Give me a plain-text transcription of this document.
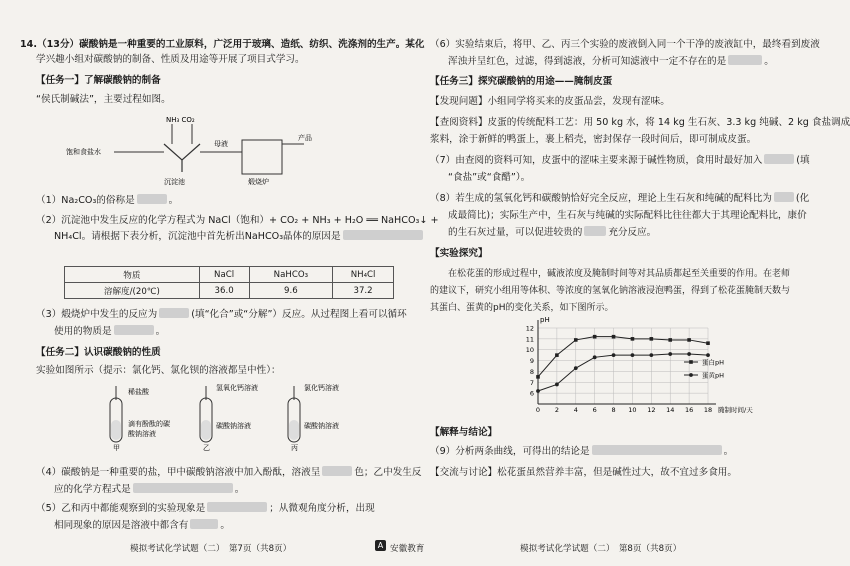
14.（13分）碳酸钠是一种重要的工业原料，广泛用于玻璃、造纸、纺织、洗涤剂的生产。某化
学兴趣小组对碳酸钠的制备、性质及用途等开展了项目式学习。
【任务一】了解碳酸钠的制备
“侯氏制碱法”，主要过程如图。
NH₃ CO₂
饱和食盐水
沉淀池
母液
煅烧炉
产品
（1）Na₂CO₃的俗称是	。
（2）沉淀池中发生反应的化学方程式为 NaCl（饱和）+ CO₂ + NH₃ + H₂O ══ NaHCO₃↓ +
NH₄Cl。请根据下表分析，沉淀池中首先析出NaHCO₃晶体的原因是
物质	NaCl	NaHCO₃	NH₄Cl
溶解度/(20℃)	36.0	9.6	37.2
（3）煅烧炉中发生的反应为	(填“化合”或“分解”）反应。从过程图上看可以循环
使用的物质是	。
【任务二】认识碳酸钠的性质
实验如图所示（提示：氯化钙、氯化钡的溶液都呈中性）：
稀盐酸
滴有酚酞的碳
酸钠溶液
甲
氢氧化钙溶液
碳酸钠溶液
乙
氯化钙溶液
碳酸钠溶液
丙
（4）碳酸钠是一种重要的盐，甲中碳酸钠溶液中加入酚酞，溶液呈	色；乙中发生反
应的化学方程式是	。
（5）乙和丙中都能观察到的实验现象是	；从微观角度分析，出现
相同现象的原因是溶液中都含有	。
模拟考试化学试题（二）　第7页（共8页）	A 安徽教育
（6）实验结束后，将甲、乙、丙三个实验的废液倒入同一个干净的废液缸中，最终看到废液
浑浊并呈红色，过滤，得到滤液，分析可知滤液中一定不存在的是	。
【任务三】探究碳酸钠的用途——腌制皮蛋
【发现问题】小组同学将买来的皮蛋品尝，发现有涩味。
【查阅资料】皮蛋的传统配料工艺：用 50 kg 水，将 14 kg 生石灰、3.3 kg 纯碱、2 kg 食盐调成
浆料，涂于新鲜的鸭蛋上，裹上稻壳，密封保存一段时间后，即可制成皮蛋。
（7）由查阅的资料可知，皮蛋中的涩味主要来源于碱性物质，食用时最好加入	(填
“食盐”或“食醋”）。
（8）若生成的氢氧化钙和碳酸钠恰好完全反应，理论上生石灰和纯碱的配料比为	(化
成最简比)；实际生产中，生石灰与纯碱的实际配料比往往都大于其理论配料比，康价
的生石灰过量，可以促进较贵的	充分反应。
【实验探究】
在松花蛋的形成过程中，碱液浓度及腌制时间等对其品质都起至关重要的作用。在老师
的建议下，研究小组用等体积、等浓度的氢氧化钠溶液浸泡鸭蛋，得到了松花蛋腌制天数与
其蛋白、蛋黄的pH的变化关系，如下图所示。
pH
6
7
8
9
10
11
12
0 2 4 6 8 10 12 14 16 18 腌制时间/天
蛋白pH
蛋黄pH
【解释与结论】
（9）分析两条曲线，可得出的结论是	。
【交流与讨论】松花蛋虽然营养丰富，但是碱性过大，故不宜过多食用。
模拟考试化学试题（二）　第8页（共8页）
